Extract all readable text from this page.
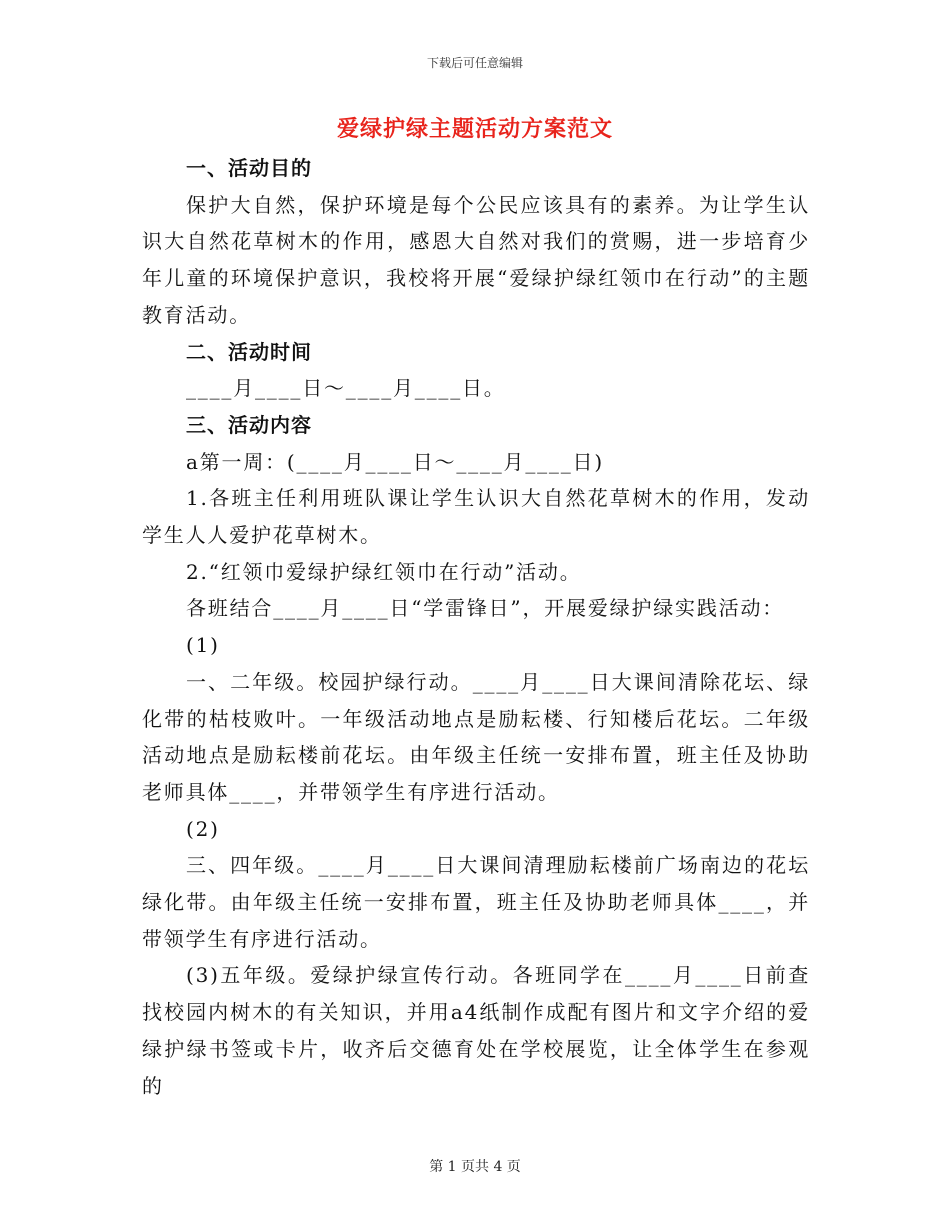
下载后可任意编辑
爱绿护绿主题活动方案范文

一、活动目的

保护大自然，保护环境是每个公民应该具有的素养。为让学生认识大自然花草树木的作用，感恩大自然对我们的赏赐，进一步培育少年儿童的环境保护意识，我校将开展“爱绿护绿红领巾在行动”的主题教育活动。

二、活动时间

____月____日～____月____日。

三、活动内容

a第一周：(____月____日～____月____日)

1.各班主任利用班队课让学生认识大自然花草树木的作用，发动学生人人爱护花草树木。

2.“红领巾爱绿护绿红领巾在行动”活动。

各班结合____月____日“学雷锋日”，开展爱绿护绿实践活动：

(1)

一、二年级。校园护绿行动。____月____日大课间清除花坛、绿化带的枯枝败叶。一年级活动地点是励耘楼、行知楼后花坛。二年级活动地点是励耘楼前花坛。由年级主任统一安排布置，班主任及协助老师具体____，并带领学生有序进行活动。

(2)

三、四年级。____月____日大课间清理励耘楼前广场南边的花坛绿化带。由年级主任统一安排布置，班主任及协助老师具体____，并带领学生有序进行活动。

(3)五年级。爱绿护绿宣传行动。各班同学在____月____日前查找校园内树木的有关知识，并用a4纸制作成配有图片和文字介绍的爱绿护绿书签或卡片，收齐后交德育处在学校展览，让全体学生在参观的

第 1 页共 4 页
